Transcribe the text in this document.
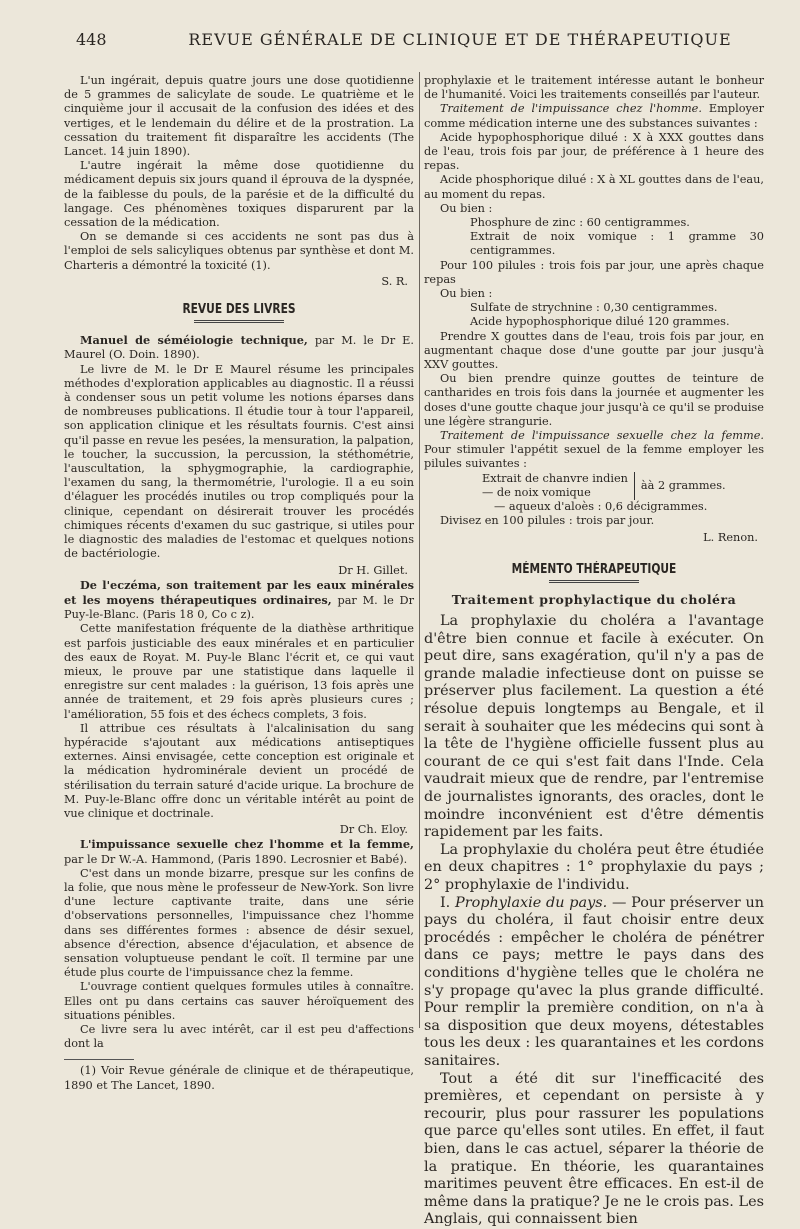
448	REVUE GÉNÉRALE DE CLINIQUE ET DE THÉRAPEUTIQUE

L'un ingérait, depuis quatre jours une dose quotidienne de 5 grammes de salicylate de soude. Le quatrième et le cinquième jour il accusait de la confusion des idées et des vertiges, et le lendemain du délire et de la prostration. La cessation du traitement fit disparaître les accidents (The Lancet. 14 juin 1890).

L'autre ingérait la même dose quotidienne du médicament depuis six jours quand il éprouva de la dyspnée, de la faiblesse du pouls, de la parésie et de la difficulté du langage. Ces phénomènes toxiques disparurent par la cessation de la médication.

On se demande si ces accidents ne sont pas dus à l'emploi de sels salicyliques obtenus par synthèse et dont M. Charteris a démontré la toxicité (1).

S. R.

REVUE DES LIVRES

Manuel de séméiologie technique, par M. le Dr E. Maurel (O. Doin. 1890).

Le livre de M. le Dr E Maurel résume les principales méthodes d'exploration applicables au diagnostic. Il a réussi à condenser sous un petit volume les notions éparses dans de nombreuses publications. Il étudie tour à tour l'appareil, son application clinique et les résultats fournis. C'est ainsi qu'il passe en revue les pesées, la mensuration, la palpation, le toucher, la succussion, la percussion, la stéthométrie, l'auscultation, la sphygmographie, la cardiographie, l'examen du sang, la thermométrie, l'urologie. Il a eu soin d'élaguer les procédés inutiles ou trop compliqués pour la clinique, cependant on désirerait trouver les procédés chimiques récents d'examen du suc gastrique, si utiles pour le diagnostic des maladies de l'estomac et quelques notions de bactériologie.

Dr H. Gillet.

De l'eczéma, son traitement par les eaux minérales et les moyens thérapeutiques ordinaires, par M. le Dr Puy-le-Blanc. (Paris 18 0, Co c z).

Cette manifestation fréquente de la diathèse arthritique est parfois justiciable des eaux minérales et en particulier des eaux de Royat. M. Puy-le Blanc l'écrit et, ce qui vaut mieux, le prouve par une statistique dans laquelle il enregistre sur cent malades : la guérison, 13 fois après une année de traitement, et 29 fois après plusieurs cures ; l'amélioration, 55 fois et des échecs complets, 3 fois.

Il attribue ces résultats à l'alcalinisation du sang hypéracide s'ajoutant aux médications antiseptiques externes. Ainsi envisagée, cette conception est originale et la médication hydrominérale devient un procédé de stérilisation du terrain saturé d'acide urique. La brochure de M. Puy-le-Blanc offre donc un véritable intérêt au point de vue clinique et doctrinale.

Dr Ch. Eloy.

L'impuissance sexuelle chez l'homme et la femme, par le Dr W.-A. Hammond, (Paris 1890. Lecrosnier et Babé).

C'est dans un monde bizarre, presque sur les confins de la folie, que nous mène le professeur de New-York. Son livre d'une lecture captivante traite, dans une série d'observations personnelles, l'impuissance chez l'homme dans ses différentes formes : absence de désir sexuel, absence d'érection, absence d'éjaculation, et absence de sensation voluptueuse pendant le coït. Il termine par une étude plus courte de l'impuissance chez la femme.

L'ouvrage contient quelques formules utiles à connaître. Elles ont pu dans certains cas sauver héroïquement des situations pénibles.

Ce livre sera lu avec intérêt, car il est peu d'affections dont la

(1) Voir Revue générale de clinique et de thérapeutique, 1890 et The Lancet, 1890.

prophylaxie et le traitement intéresse autant le bonheur de l'humanité. Voici les traitements conseillés par l'auteur.

Traitement de l'impuissance chez l'homme. Employer comme médication interne une des substances suivantes :

Acide hypophosphorique dilué : X à XXX gouttes dans de l'eau, trois fois par jour, de préférence à 1 heure des repas.

Acide phosphorique dilué : X à XL gouttes dans de l'eau, au moment du repas.

Ou bien :

Phosphure de zinc : 60 centigrammes.

Extrait de noix vomique : 1 gramme 30 centigrammes.

Pour 100 pilules : trois fois par jour, une après chaque repas

Ou bien :

Sulfate de strychnine : 0,30 centigrammes.

Acide hypophosphorique dilué 120 grammes.

Prendre X gouttes dans de l'eau, trois fois par jour, en augmentant chaque dose d'une goutte par jour jusqu'à XXV gouttes.

Ou bien prendre quinze gouttes de teinture de cantharides en trois fois dans la journée et augmenter les doses d'une goutte chaque jour jusqu'à ce qu'il se produise une légère strangurie.

Traitement de l'impuissance sexuelle chez la femme. Pour stimuler l'appétit sexuel de la femme employer les pilules suivantes :

Extrait de chanvre indien
— de noix vomique
àà 2 grammes.

— aqueux d'aloès : 0,6 décigrammes.

Divisez en 100 pilules : trois par jour.

L. Renon.

MÉMENTO THÉRAPEUTIQUE
Traitement prophylactique du choléra

La prophylaxie du choléra a l'avantage d'être bien connue et facile à exécuter. On peut dire, sans exagération, qu'il n'y a pas de grande maladie infectieuse dont on puisse se préserver plus facilement. La question a été résolue depuis longtemps au Bengale, et il serait à souhaiter que les médecins qui sont à la tête de l'hygiène officielle fussent plus au courant de ce qui s'est fait dans l'Inde. Cela vaudrait mieux que de rendre, par l'entremise de journalistes ignorants, des oracles, dont le moindre inconvénient est d'être démentis rapidement par les faits.

La prophylaxie du choléra peut être étudiée en deux chapitres : 1° prophylaxie du pays ; 2° prophylaxie de l'individu.

I. Prophylaxie du pays. — Pour préserver un pays du choléra, il faut choisir entre deux procédés : empêcher le choléra de pénétrer dans ce pays; mettre le pays dans des conditions d'hygiène telles que le choléra ne s'y propage qu'avec la plus grande difficulté. Pour remplir la première condition, on n'a à sa disposition que deux moyens, détestables tous les deux : les quarantaines et les cordons sanitaires.

Tout a été dit sur l'inefficacité des premières, et cependant on persiste à y recourir, plus pour rassurer les populations que parce qu'elles sont utiles. En effet, il faut bien, dans le cas actuel, séparer la théorie de la pratique. En théorie, les quarantaines maritimes peuvent être efficaces. En est-il de même dans la pratique? Je ne le crois pas. Les Anglais, qui connaissent bien
